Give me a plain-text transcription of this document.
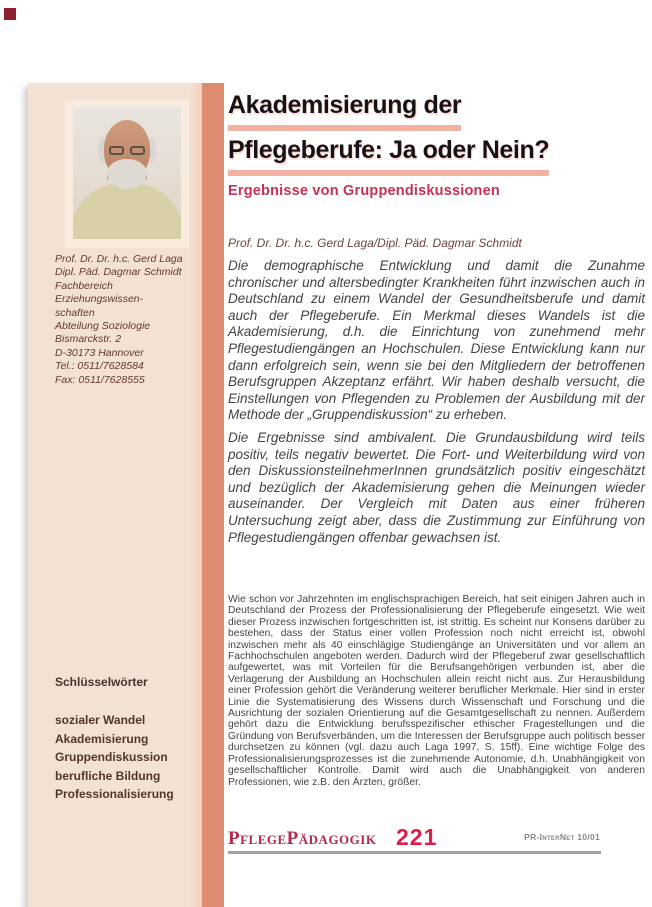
Prof. Dr. Dr. h.c. Gerd Laga
Dipl. Päd. Dagmar Schmidt
Fachbereich Erziehungswissen-
schaften
Abteilung Soziologie
Bismarckstr. 2
D-30173 Hannover
Tel.: 0511/7628584
Fax: 0511/7628555
Schlüsselwörter
sozialer Wandel
Akademisierung
Gruppendiskussion
berufliche Bildung
Professionalisierung
Akademisierung der
Pflegeberufe: Ja oder Nein?
Ergebnisse von Gruppendiskussionen
Prof. Dr. Dr. h.c. Gerd Laga/Dipl. Päd. Dagmar Schmidt

Die demographische Entwicklung und damit die Zunahme chronischer und altersbedingter Krankheiten führt inzwischen auch in Deutschland zu einem Wandel der Gesundheitsberufe und damit auch der Pflegeberufe. Ein Merkmal dieses Wandels ist die Akademisierung, d.h. die Einrichtung von zunehmend mehr Pflegestudiengängen an Hochschulen. Diese Entwicklung kann nur dann erfolgreich sein, wenn sie bei den Mitgliedern der betroffenen Berufsgruppen Akzeptanz erfährt. Wir haben deshalb versucht, die Einstellungen von Pflegenden zu Problemen der Ausbildung mit der Methode der „Gruppendiskussion“ zu erheben.

Die Ergebnisse sind ambivalent. Die Grundausbildung wird teils positiv, teils negativ bewertet. Die Fort- und Weiterbildung wird von den DiskussionsteilnehmerInnen grundsätzlich positiv eingeschätzt und bezüglich der Akademisierung gehen die Meinungen wieder auseinander. Der Vergleich mit Daten aus einer früheren Untersuchung zeigt aber, dass die Zustimmung zur Einführung von Pflegestudiengängen offenbar gewachsen ist.

Wie schon vor Jahrzehnten im englischsprachigen Bereich, hat seit einigen Jahren auch in Deutschland der Prozess der Professionalisierung der Pflegeberufe eingesetzt. Wie weit dieser Prozess inzwischen fortgeschritten ist, ist strittig. Es scheint nur Konsens darüber zu bestehen, dass der Status einer vollen Profession noch nicht erreicht ist, obwohl inzwischen mehr als 40 einschlägige Studiengänge an Universitäten und vor allem an Fachhochschulen angeboten werden. Dadurch wird der Pflegeberuf zwar gesellschaftlich aufgewertet, was mit Vorteilen für die Berufsangehörigen verbunden ist, aber die Verlagerung der Ausbildung an Hochschulen allein reicht nicht aus. Zur Herausbildung einer Profession gehört die Veränderung weiterer beruflicher Merkmale. Hier sind in erster Linie die Systematisierung des Wissens durch Wissenschaft und Forschung und die Ausrichtung der sozialen Orientierung auf die Gesamtgesellschaft zu nennen. Außerdem gehört dazu die Entwicklung berufsspezifischer ethischer Fragestellungen und die Gründung von Berufsverbänden, um die Interessen der Berufsgruppe auch politisch besser durchsetzen zu können (vgl. dazu auch Laga 1997, S. 15ff). Eine wichtige Folge des Professionalisierungsprozesses ist die zunehmende Autonomie, d.h. Unabhängigkeit von gesellschaftlicher Kontrolle. Damit wird auch die Unabhängigkeit von anderen Professionen, wie z.B. den Ärzten, größer.
PflegePädagogik 221	PR-InterNet 10/01
